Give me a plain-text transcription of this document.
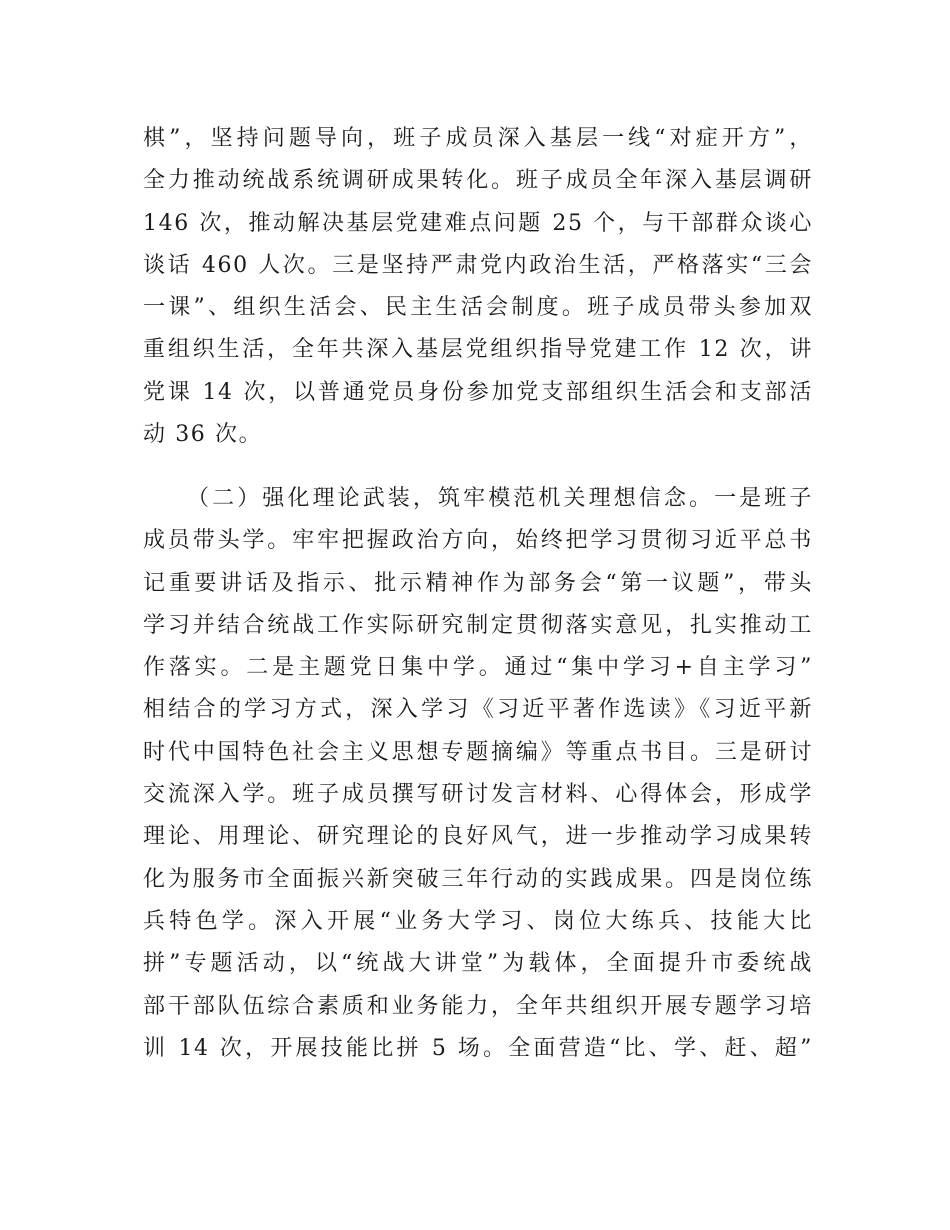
棋”，坚持问题导向，班子成员深入基层一线“对症开方”，
全力推动统战系统调研成果转化。班子成员全年深入基层调研
146 次，推动解决基层党建难点问题 25 个，与干部群众谈心
谈话 460 人次。三是坚持严肃党内政治生活，严格落实“三会
一课”、组织生活会、民主生活会制度。班子成员带头参加双
重组织生活，全年共深入基层党组织指导党建工作 12 次，讲
党课 14 次，以普通党员身份参加党支部组织生活会和支部活
动 36 次。
（二）强化理论武装，筑牢模范机关理想信念。一是班子
成员带头学。牢牢把握政治方向，始终把学习贯彻习近平总书
记重要讲话及指示、批示精神作为部务会“第一议题”，带头
学习并结合统战工作实际研究制定贯彻落实意见，扎实推动工
作落实。二是主题党日集中学。通过“集中学习+自主学习”
相结合的学习方式，深入学习《习近平著作选读》《习近平新
时代中国特色社会主义思想专题摘编》等重点书目。三是研讨
交流深入学。班子成员撰写研讨发言材料、心得体会，形成学
理论、用理论、研究理论的良好风气，进一步推动学习成果转
化为服务市全面振兴新突破三年行动的实践成果。四是岗位练
兵特色学。深入开展“业务大学习、岗位大练兵、技能大比
拼”专题活动，以“统战大讲堂”为载体，全面提升市委统战
部干部队伍综合素质和业务能力，全年共组织开展专题学习培
训 14 次，开展技能比拼 5 场。全面营造“比、学、赶、超”
